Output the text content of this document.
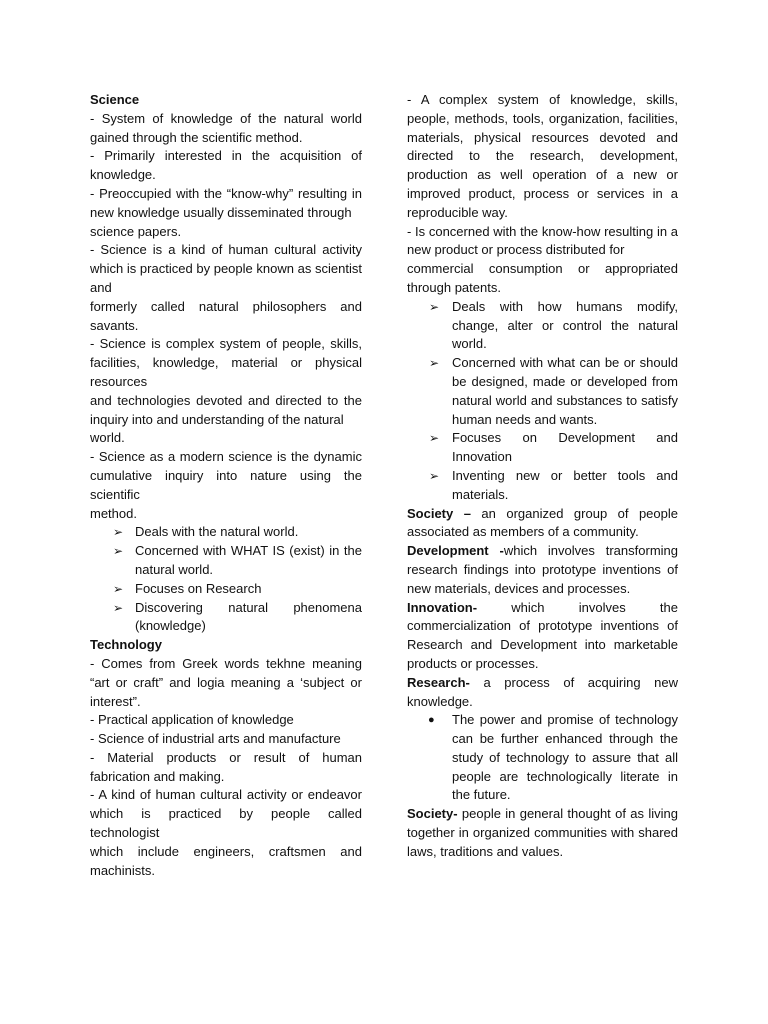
Science

- System of knowledge of the natural world gained through the scientific method.

- Primarily interested in the acquisition of knowledge.

- Preoccupied with the “know-why” resulting in new knowledge usually disseminated through

science papers.

- Science is a kind of human cultural activity which is practiced by people known as scientist and

formerly called natural philosophers and savants.

- Science is complex system of people, skills, facilities, knowledge, material or physical resources

and technologies devoted and directed to the inquiry into and understanding of the natural

world.

- Science as a modern science is the dynamic cumulative inquiry into nature using the scientific

method.

➢ Deals with the natural world.
➢ Concerned with WHAT IS (exist) in the natural world.
➢ Focuses on Research
➢ Discovering natural phenomena (knowledge)

Technology

- Comes from Greek words tekhne meaning “art or craft” and logia meaning a ‘subject or interest”.

- Practical application of knowledge

- Science of industrial arts and manufacture

- Material products or result of human fabrication and making.

- A kind of human cultural activity or endeavor which is practiced by people called technologist

which include engineers, craftsmen and machinists.

- A complex system of knowledge, skills, people, methods, tools, organization, facilities, materials, physical resources devoted and directed to the research, development, production as well operation of a new or improved product, process or services in a reproducible way.

- Is concerned with the know-how resulting in a new product or process distributed for

commercial consumption or appropriated through patents.

➢ Deals with how humans modify, change, alter or control the natural world.
➢ Concerned with what can be or should be designed, made or developed from natural world and substances to satisfy human needs and wants.
➢ Focuses on Development and Innovation
➢ Inventing new or better tools and materials.

Society – an organized group of people associated as members of a community.

Development -which involves transforming research findings into prototype inventions of new materials, devices and processes.

Innovation- which involves the commercialization of prototype inventions of Research and Development into marketable products or processes.

Research- a process of acquiring new knowledge.

● The power and promise of technology can be further enhanced through the study of technology to assure that all people are technologically literate in the future.

Society- people in general thought of as living together in organized communities with shared laws, traditions and values.
